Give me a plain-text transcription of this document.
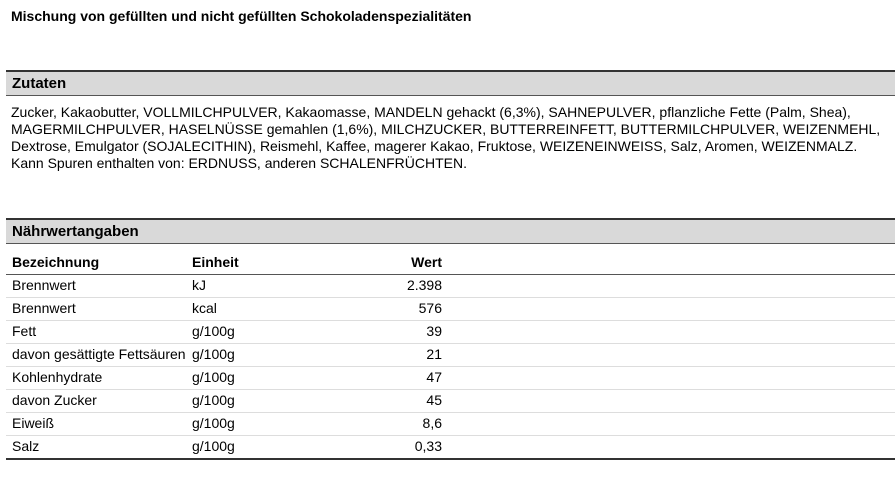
Mischung von gefüllten und nicht gefüllten Schokoladenspezialitäten
Zutaten

Zucker, Kakaobutter, VOLLMILCHPULVER, Kakaomasse, MANDELN gehackt (6,3%), SAHNEPULVER, pflanzliche Fette (Palm, Shea), MAGERMILCHPULVER, HASELNÜSSE gemahlen (1,6%), MILCHZUCKER, BUTTERREINFETT, BUTTERMILCHPULVER, WEIZENMEHL, Dextrose, Emulgator (SOJALECITHIN), Reismehl, Kaffee, magerer Kakao, Fruktose, WEIZENEINWEISS, Salz, Aromen, WEIZENMALZ.

Kann Spuren enthalten von: ERDNUSS, anderen SCHALENFRÜCHTEN.

Nährwertangaben
Bezeichnung	Einheit	Wert	
Brennwert	kJ	2.398	
Brennwert	kcal	576	
Fett	g/100g	39	
davon gesättigte Fettsäuren	g/100g	21	
Kohlenhydrate	g/100g	47	
davon Zucker	g/100g	45	
Eiweiß	g/100g	8,6	
Salz	g/100g	0,33	
